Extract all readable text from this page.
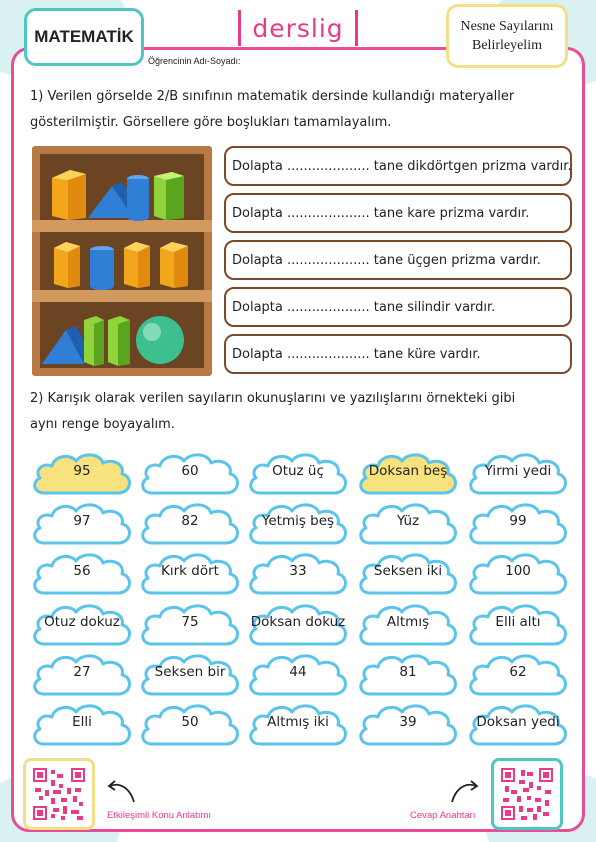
MATEMATİK	derslig	Nesne Sayılarını
Belirleyelim
Öğrencinin Adı-Soyadı:
1) Verilen görselde 2/B sınıfının matematik dersinde kullandığı materyaller
gösterilmiştir. Görsellere göre boşlukları tamamlayalım.
Dolapta .................... tane dikdörtgen prizma vardır.
Dolapta .................... tane kare prizma vardır.
Dolapta .................... tane üçgen prizma vardır.
Dolapta .................... tane silindir vardır.
Dolapta .................... tane küre vardır.
2) Karışık olarak verilen sayıların okunuşlarını ve yazılışlarını örnekteki gibi
aynı renge boyayalım.
95	60	Otuz üç	Doksan beş	Yirmi yedi
97	82	Yetmiş beş	Yüz	99
56	Kırk dört	33	Seksen iki	100
Otuz dokuz	75	Doksan dokuz	Altmış	Elli altı
27	Seksen bir	44	81	62
Elli	50	Altmış iki	39	Doksan yedi
Etkileşimli Konu Anlatımı	Cevap Anahtarı
